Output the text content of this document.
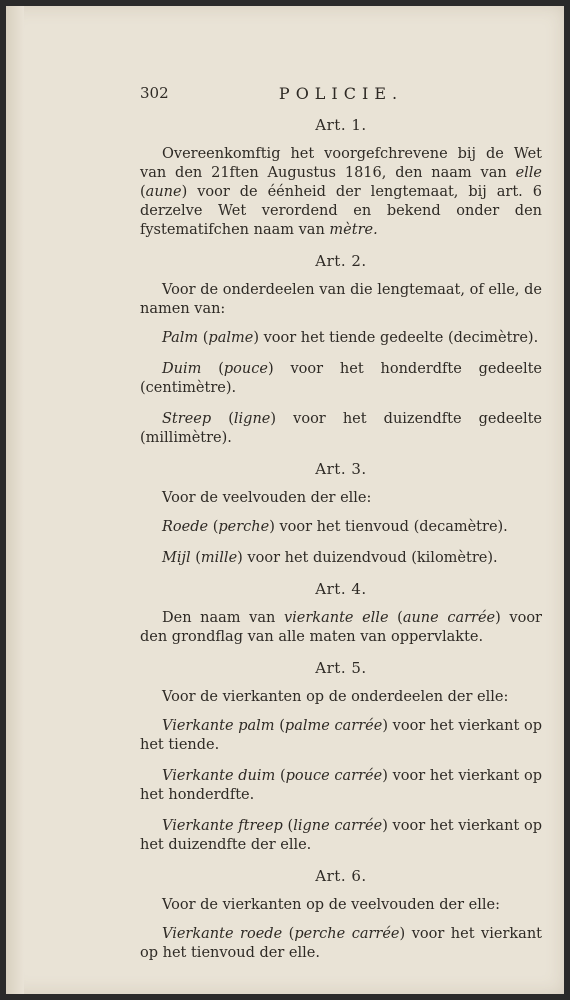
302	POLICIE.
Art. 1.

Overeenkomftig het voorgefchrevene bij de Wet van den 21ften Augustus 1816, den naam van elle (aune) voor de éénheid der lengtemaat, bij art. 6 derzelve Wet verordend en bekend onder den fystematifchen naam van mètre.

Art. 2.

Voor de onderdeelen van die lengtemaat, of elle, de namen van:

Palm (palme) voor het tiende gedeelte (decimètre).

Duim (pouce) voor het honderdfte gedeelte (centimètre).

Streep (ligne) voor het duizendfte gedeelte (millimètre).

Art. 3.

Voor de veelvouden der elle:

Roede (perche) voor het tienvoud (decamètre).

Mijl (mille) voor het duizendvoud (kilomètre).

Art. 4.

Den naam van vierkante elle (aune carrée) voor den grondflag van alle maten van oppervlakte.

Art. 5.

Voor de vierkanten op de onderdeelen der elle:

Vierkante palm (palme carrée) voor het vierkant op het tiende.

Vierkante duim (pouce carrée) voor het vierkant op het honderdfte.

Vierkante ftreep (ligne carrée) voor het vierkant op het duizendfte der elle.

Art. 6.

Voor de vierkanten op de veelvouden der elle:

Vierkante roede (perche carrée) voor het vierkant op het tienvoud der elle.
